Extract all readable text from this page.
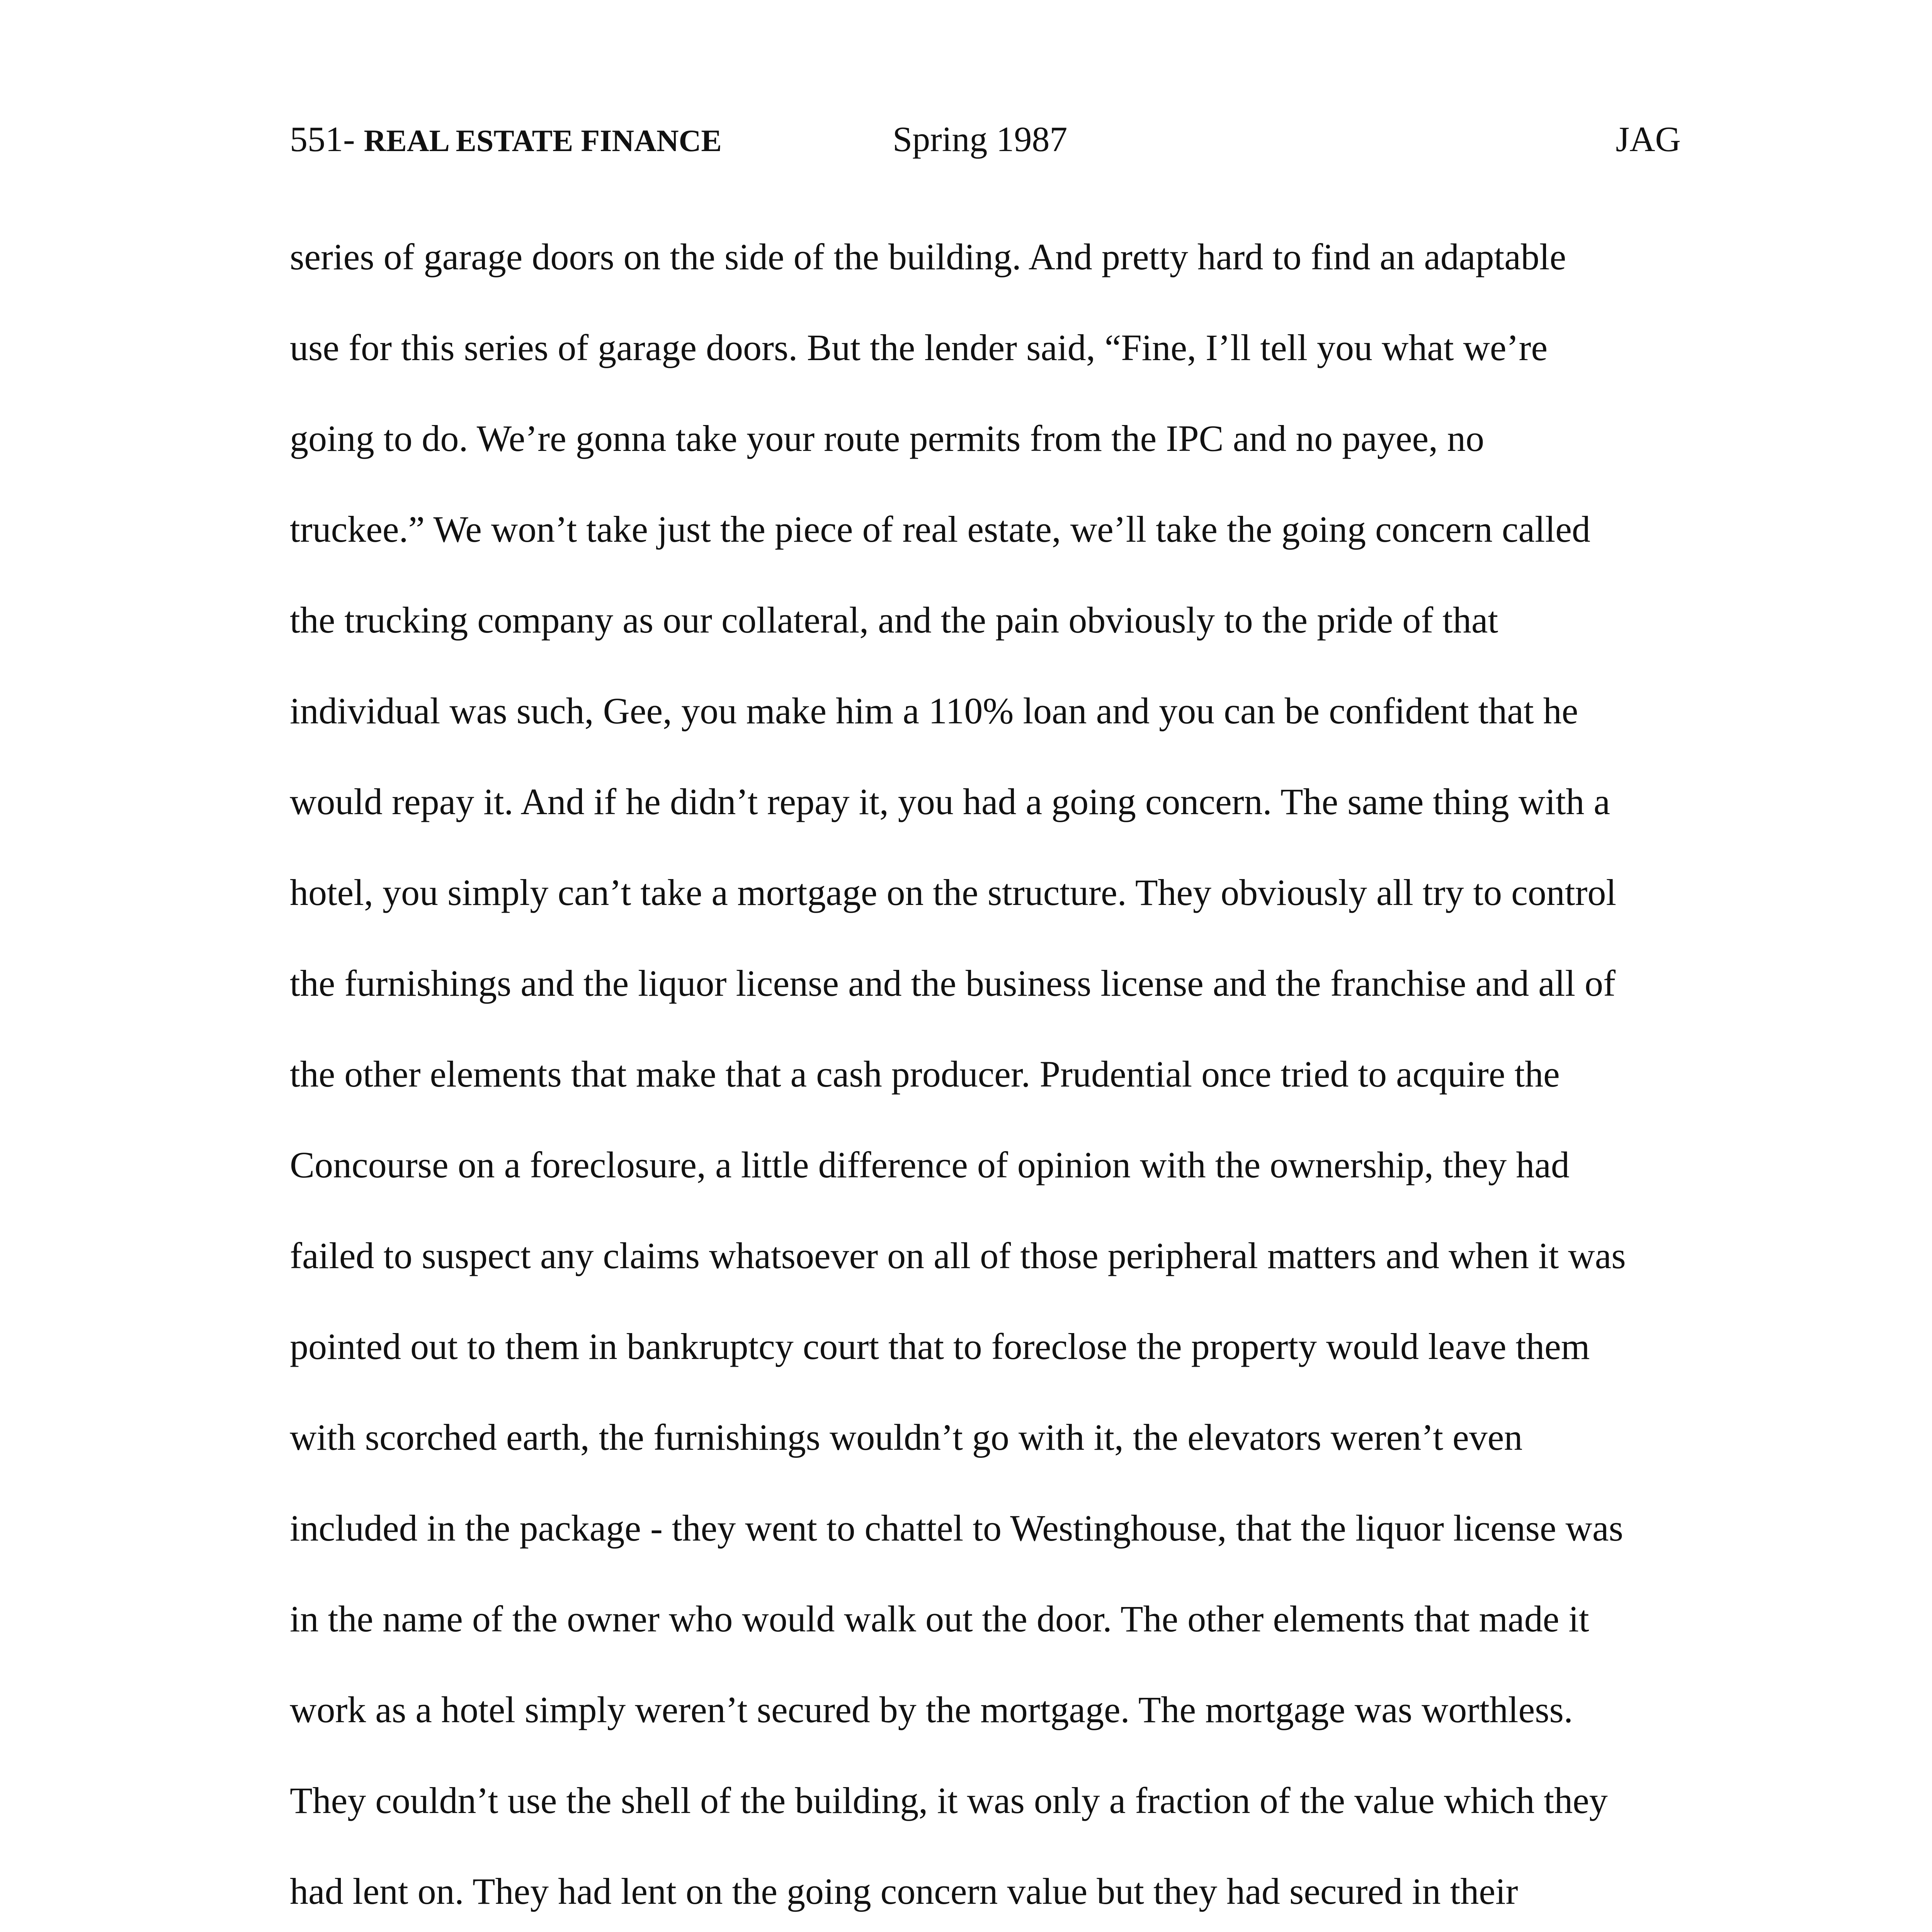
551- REAL ESTATE FINANCE	Spring 1987	JAG
series of garage doors on the side of the building. And pretty hard to find an adaptable
use for this series of garage doors. But the lender said, “Fine, I’ll tell you what we’re
going to do. We’re gonna take your route permits from the IPC and no payee, no
truckee.” We won’t take just the piece of real estate, we’ll take the going concern called
the trucking company as our collateral, and the pain obviously to the pride of that
individual was such, Gee, you make him a 110% loan and you can be confident that he
would repay it. And if he didn’t repay it, you had a going concern. The same thing with a
hotel, you simply can’t take a mortgage on the structure. They obviously all try to control
the furnishings and the liquor license and the business license and the franchise and all of
the other elements that make that a cash producer. Prudential once tried to acquire the
Concourse on a foreclosure, a little difference of opinion with the ownership, they had
failed to suspect any claims whatsoever on all of those peripheral matters and when it was
pointed out to them in bankruptcy court that to foreclose the property would leave them
with scorched earth, the furnishings wouldn’t go with it, the elevators weren’t even
included in the package - they went to chattel to Westinghouse, that the liquor license was
in the name of the owner who would walk out the door. The other elements that made it
work as a hotel simply weren’t secured by the mortgage. The mortgage was worthless.
They couldn’t use the shell of the building, it was only a fraction of the value which they
had lent on. They had lent on the going concern value but they had secured in their
